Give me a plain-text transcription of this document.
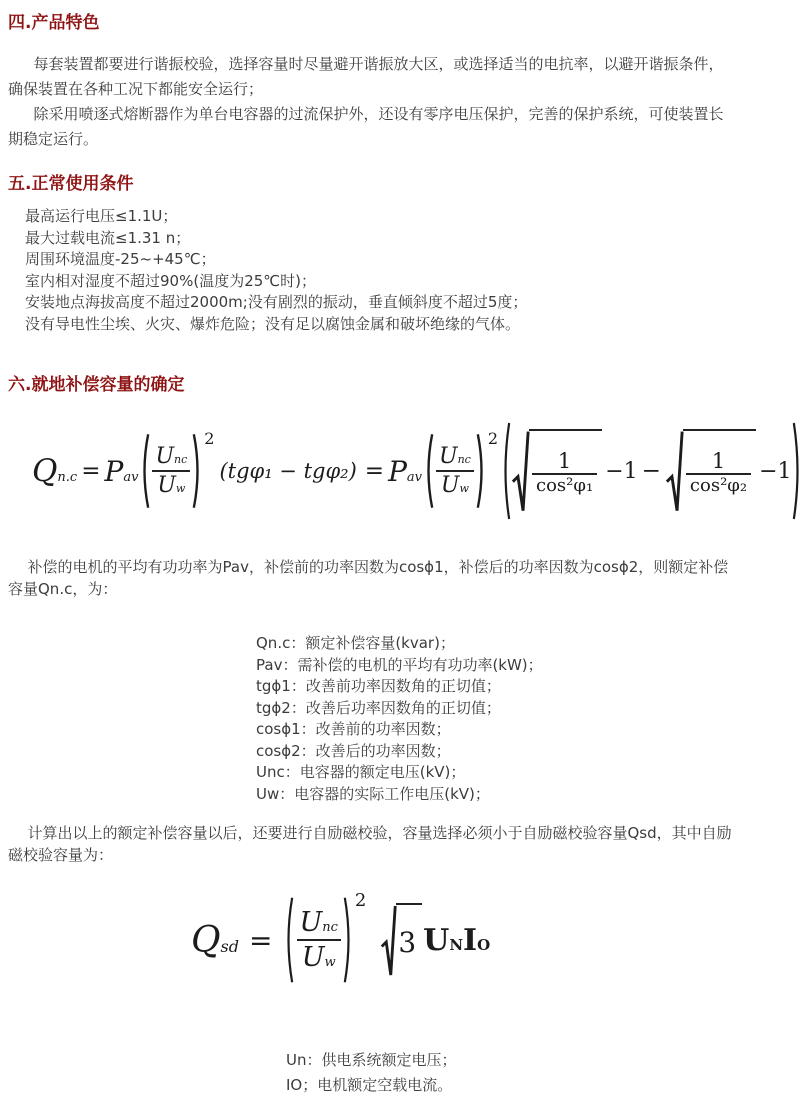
四.产品特色

每套装置都要进行谐振校验，选择容量时尽量避开谐振放大区，或选择适当的电抗率，以避开谐振条件，确保装置在各种工况下都能安全运行；

除采用喷逐式熔断器作为单台电容器的过流保护外，还设有零序电压保护，完善的保护系统，可使装置长期稳定运行。

五.正常使用条件
最高运行电压≤1.1U；
最大过载电流≤1.31 n；
周围环境温度-25~+45℃；
室内相对湿度不超过90%(温度为25℃时)；
安装地点海拔高度不超过2000m;没有剧烈的振动，垂直倾斜度不超过5度；
没有导电性尘埃、火灾、爆炸危险；没有足以腐蚀金属和破坏绝缘的气体。
六.就地补偿容量的确定
$Q_{n.c} = P_{av} \frac{\text{U nc}}{\text{U w}}$
2
$(tg\varphi_1 - tg\varphi_2) = P_{av} \frac{\text{U nc}}{\text{U w}}$
2
$\frac{1}{\text{cos²φ₁}} -1 - \frac{1}{\text{cos²φ₂}} -1$

补偿的电机的平均有功功率为Pav，补偿前的功率因数为cosϕ1，补偿后的功率因数为cosϕ2，则额定补偿容量Qn.c，为：

Qn.c：额定补偿容量(kvar)；
Pav：需补偿的电机的平均有功功率(kW)；
tgϕ1：改善前功率因数角的正切值；
tgϕ2：改善后功率因数角的正切值；
cosϕ1：改善前的功率因数；
cosϕ2：改善后的功率因数；
Unc：电容器的额定电压(kV)；
Uw：电容器的实际工作电压(kV)；

计算出以上的额定补偿容量以后，还要进行自励磁校验，容量选择必须小于自励磁校验容量Qsd，其中自励磁校验容量为：

Q sd = $\frac{U_{nc}}{U_w}$
2
3 U N I O
Un：供电系统额定电压；
IO；电机额定空载电流。
